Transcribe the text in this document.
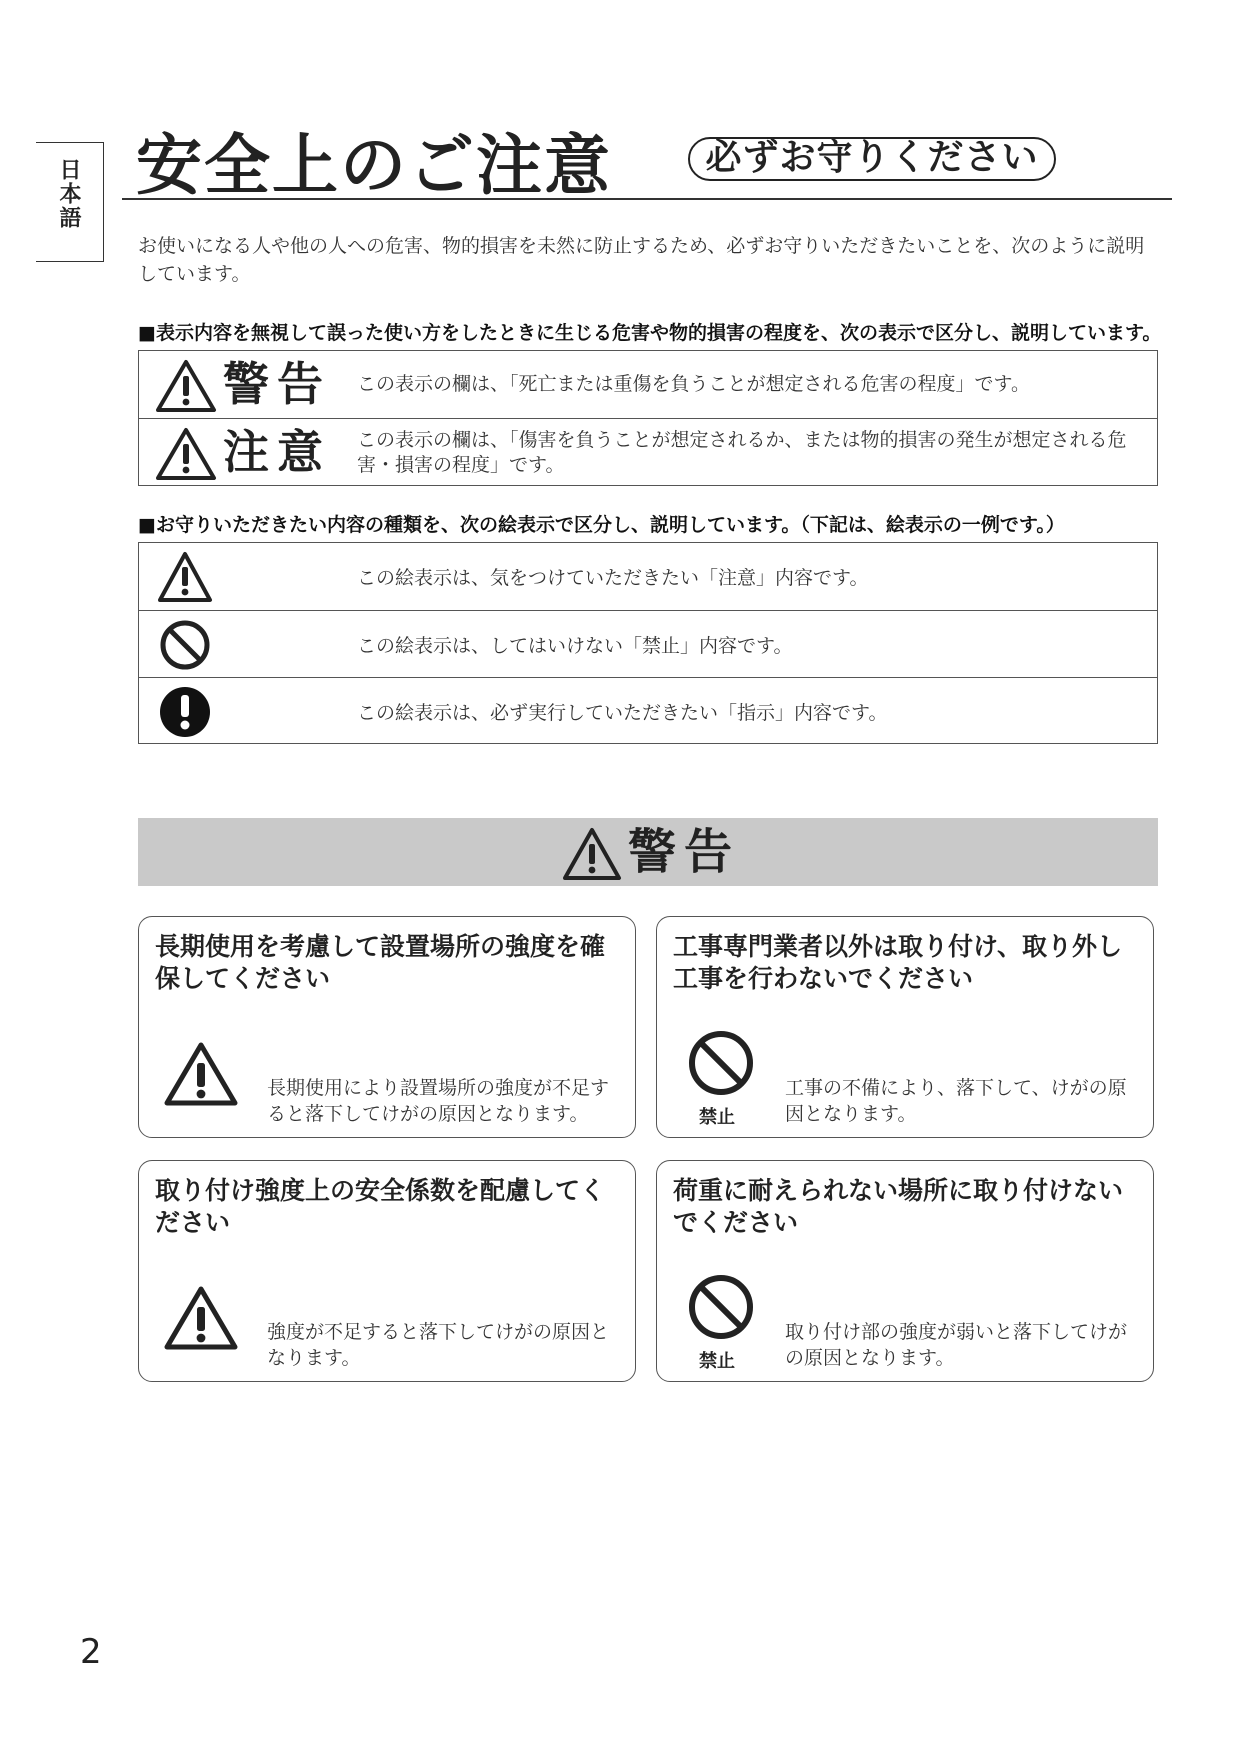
日本語 安全上のご注意	必ずお守りください
お使いになる人や他の人への危害、物的損害を未然に防止するため、必ずお守りいただきたいことを、次のように説明しています。
■表示内容を無視して誤った使い方をしたときに生じる危害や物的損害の程度を、次の表示で区分し、説明しています。
警告 この表示の欄は、「死亡または重傷を負うことが想定される危害の程度」です。
注意 この表示の欄は、「傷害を負うことが想定されるか、または物的損害の発生が想定される危害・損害の程度」です。
■お守りいただきたい内容の種類を、次の絵表示で区分し、説明しています。（下記は、絵表示の一例です。）
この絵表示は、気をつけていただきたい「注意」内容です。
この絵表示は、してはいけない「禁止」内容です。
この絵表示は、必ず実行していただきたい「指示」内容です。
警告
長期使用を考慮して設置場所の強度を確保してください
長期使用により設置場所の強度が不足すると落下してけがの原因となります。
工事専門業者以外は取り付け、取り外し工事を行わないでください
禁止
工事の不備により、落下して、けがの原因となります。
取り付け強度上の安全係数を配慮してください
強度が不足すると落下してけがの原因となります。
荷重に耐えられない場所に取り付けないでください
禁止
取り付け部の強度が弱いと落下してけがの原因となります。
2
